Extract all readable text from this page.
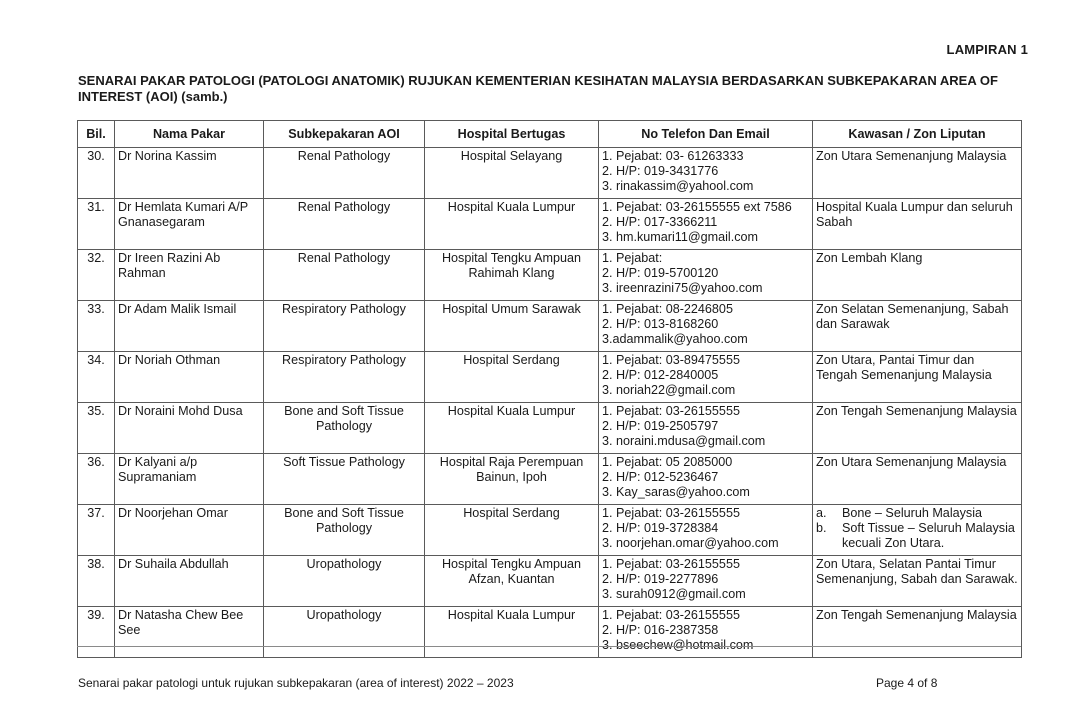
LAMPIRAN 1
SENARAI PAKAR PATOLOGI (PATOLOGI ANATOMIK) RUJUKAN KEMENTERIAN KESIHATAN MALAYSIA BERDASARKAN SUBKEPAKARAN AREA OF INTEREST (AOI) (samb.)
Bil.	Nama Pakar	Subkepakaran AOI	Hospital Bertugas	No Telefon Dan Email	Kawasan / Zon Liputan
30.	Dr Norina Kassim	Renal Pathology	Hospital Selayang	1. Pejabat: 03- 61263333
2. H/P: 019-3431776
3. rinakassim@yahool.com	Zon Utara Semenanjung Malaysia

31.	Dr Hemlata Kumari A/P Gnanasegaram	Renal Pathology	Hospital Kuala Lumpur	1. Pejabat: 03-26155555 ext 7586
2. H/P: 017-3366211
3. hm.kumari11@gmail.com	Hospital Kuala Lumpur dan seluruh Sabah

32.	Dr Ireen Razini Ab Rahman	Renal Pathology	Hospital Tengku Ampuan Rahimah Klang	1. Pejabat:
2. H/P: 019-5700120
3. ireenrazini75@yahoo.com	Zon Lembah Klang

33.	Dr Adam Malik Ismail	Respiratory Pathology	Hospital Umum Sarawak	1. Pejabat: 08-2246805
2. H/P: 013-8168260
3.adammalik@yahoo.com	Zon Selatan Semenanjung, Sabah dan Sarawak

34.	Dr Noriah Othman	Respiratory Pathology	Hospital Serdang	1. Pejabat: 03-89475555
2. H/P: 012-2840005
3. noriah22@gmail.com	Zon Utara, Pantai Timur dan Tengah Semenanjung Malaysia

35.	Dr Noraini Mohd Dusa	Bone and Soft Tissue Pathology	Hospital Kuala Lumpur	1. Pejabat: 03-26155555
2. H/P: 019-2505797
3. noraini.mdusa@gmail.com	Zon Tengah Semenanjung Malaysia

36.	Dr Kalyani a/p Supramaniam	Soft Tissue Pathology	Hospital Raja Perempuan Bainun, Ipoh	1. Pejabat: 05 2085000
2. H/P: 012-5236467
3. Kay_saras@yahoo.com	Zon Utara Semenanjung Malaysia

37.	Dr Noorjehan Omar	Bone and Soft Tissue Pathology	Hospital Serdang	1. Pejabat: 03-26155555
2. H/P: 019-3728384
3. noorjehan.omar@yahoo.com	a. Bone – Seluruh Malaysia
b. Soft Tissue – Seluruh Malaysia kecuali Zon Utara.

38.	Dr Suhaila Abdullah	Uropathology	Hospital Tengku Ampuan Afzan, Kuantan	1. Pejabat: 03-26155555
2. H/P: 019-2277896
3. surah0912@gmail.com	Zon Utara, Selatan Pantai Timur Semenanjung, Sabah dan Sarawak.

39.	Dr Natasha Chew Bee See	Uropathology	Hospital Kuala Lumpur	1. Pejabat: 03-26155555
2. H/P: 016-2387358
3. bseechew@hotmail.com	Zon Tengah Semenanjung Malaysia
Senarai pakar patologi untuk rujukan subkepakaran (area of interest) 2022 – 2023	Page 4 of 8
